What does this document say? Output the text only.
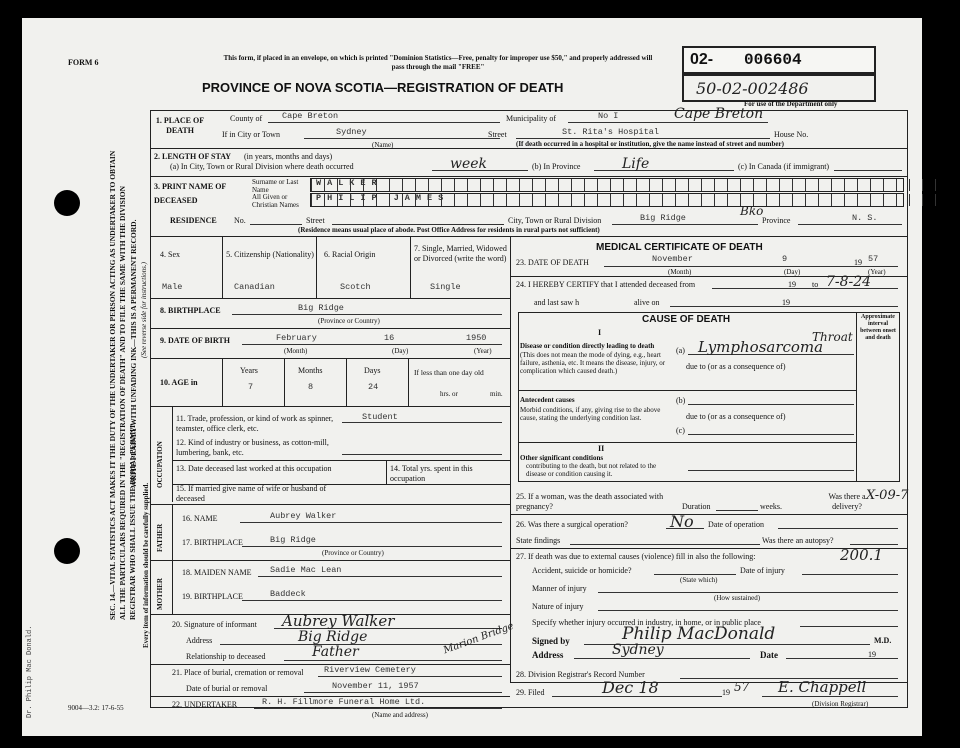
Dr. Philip Mac Donald.
SEC. 14.—VITAL STATISTICS ACT MAKES IT THE DUTY OF THE UNDERTAKER OR PERSON ACTING AS UNDERTAKER TO OBTAIN ALL THE PARTICULARS REQUIRED IN THE "REGISTRATION OF DEATH" AND TO FILE THE SAME WITH THE DIVISION REGISTRAR WHO SHALL ISSUE THE BURIAL PERMIT.
WRITE PLAINLY WITH UNFADING INK—THIS IS A PERMANENT RECORD. (See reverse side for instructions.)
Every item of information should be carefully supplied.
FORM 6	This form, if placed in an envelope, on which is printed "Dominion Statistics—Free, penalty for improper use $50," and properly addressed will pass through the mail "FREE"
PROVINCE OF NOVA SCOTIA—REGISTRATION OF DEATH
02- 006604
50-02-002486
For use of the Department only
1. PLACE OF DEATH
County of Cape Breton	Municipality of	No I	Cape Breton
If in City or Town	Sydney
(Name)
Street	St. Rita's Hospital	House No.
(If death occurred in a hospital or institution, give the name instead of street and number)
2. LENGTH OF STAY (in years, months and days)
(a) In City, Town or Rural Division where death occurred	week	(b) In Province	Life	(c) In Canada (if immigrant)
3. PRINT NAME OF DECEASED
Surname or Last Name
WALKER
All Given or Christian Names
PHILIP JAMES
RESIDENCE No.	Street	City, Town or Rural Division	Big Ridge	Bko
Province	N. S.
(Residence means usual place of abode. Post Office Address for residents in rural parts not sufficient)
4. Sex
Male
5. Citizenship (Nationality)
Canadian
6. Racial Origin
Scotch
7. Single, Married, Widowed or Divorced (write the word)
Single
8. BIRTHPLACE	Big Ridge
(Province or Country)
9. DATE OF BIRTH	February	16	1950
(Month)	(Day)	(Year)
10. AGE in
Years
7
Months
8
Days
24
If less than one day old
hrs. or	min.
OCCUPATION
11. Trade, profession, or kind of work as spinner, teamster, office clerk, etc.
Student
12. Kind of industry or business, as cotton-mill, lumbering, bank, etc.
13. Date deceased last worked at this occupation	14. Total yrs. spent in this occupation
15. If married give name of wife or husband of deceased
FATHER
16. NAME	Aubrey Walker
17. BIRTHPLACE	Big Ridge
(Province or Country)
MOTHER
18. MAIDEN NAME Sadie Mac Lean
19. BIRTHPLACE	Baddeck
20. Signature of informant Aubrey Walker
Address	Big Ridge
Relationship to deceased	Father
21. Place of burial, cremation or removal Riverview Cemetery
Marion Bridge
Date of burial or removal	November 11, 1957
22. UNDERTAKER	R. H. Fillmore Funeral Home Ltd.
(Name and address)
MEDICAL CERTIFICATE OF DEATH
23. DATE OF DEATH	November	9	19 57
(Month)	(Day)	(Year)
24. I HEREBY CERTIFY that I attended deceased from	19 to 7-8-24
and last saw h	alive on	19
CAUSE OF DEATH
I
Approximate interval between onset and death
Disease or condition directly leading to death
(This does not mean the mode of dying, e.g., heart failure, asthenia, etc. It means the disease, injury, or complication which caused death.)
(a) Lymphosarcoma
Throat
due to (or as a consequence of)
Antecedent causes
Morbid conditions, if any, giving rise to the above cause, stating the underlying condition last.
(b)
due to (or as a consequence of)
(c)
II
Other significant conditions
contributing to the death, but not related to the disease or condition causing it.
25. If a woman, was the death associated with pregnancy?	Duration	weeks.
Was there a delivery?
X-09-7
26. Was there a surgical operation?	No Date of operation
State findings	Was there an autopsy?
27. If death was due to external causes (violence) fill in also the following:	200.1
Accident, suicide or homicide?
(State which)
Date of injury
Manner of injury
(How sustained)
Nature of injury
Specify whether injury occurred in industry, in home, or in public place
Signed by	Philip MacDonald	M.D.
Address	Sydney	Date	19
28. Division Registrar's Record Number
29. Filed	Dec 18	19 57 E. Chappell
(Division Registrar)
9004—3.2: 17-6-55
